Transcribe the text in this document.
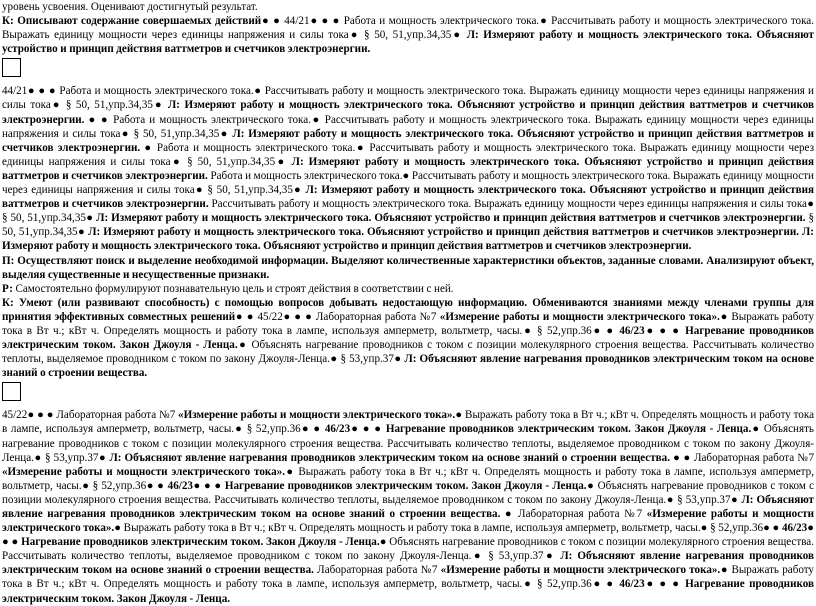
уровень усвоения. Оценивают достигнутый результат.

К: Описывают содержание совершаемых действий● ● 44/21● ● ● Работа и мощность электрического тока.● Рассчитывать работу и мощность электрического тока. Выражать единицу мощности через единицы напряжения и силы тока● § 50, 51,упр.34,35● Л: Измеряют работу и мощность электрического тока. Объясняют устройство и принцип действия ваттметров и счетчиков электроэнергии.

44/21● ● ● Работа и мощность электрического тока.● Рассчитывать работу и мощность электрического тока. Выражать единицу мощности через единицы напряжения и силы тока● § 50, 51,упр.34,35● Л: Измеряют работу и мощность электрического тока. Объясняют устройство и принцип действия ваттметров и счетчиков электроэнергии. ● ● Работа и мощность электрического тока.● Рассчитывать работу и мощность электрического тока. Выражать единицу мощности через единицы напряжения и силы тока● § 50, 51,упр.34,35● Л: Измеряют работу и мощность электрического тока. Объясняют устройство и принцип действия ваттметров и счетчиков электроэнергии. ● Работа и мощность электрического тока.● Рассчитывать работу и мощность электрического тока. Выражать единицу мощности через единицы напряжения и силы тока● § 50, 51,упр.34,35● Л: Измеряют работу и мощность электрического тока. Объясняют устройство и принцип действия ваттметров и счетчиков электроэнергии. Работа и мощность электрического тока.● Рассчитывать работу и мощность электрического тока. Выражать единицу мощности через единицы напряжения и силы тока● § 50, 51,упр.34,35● Л: Измеряют работу и мощность электрического тока. Объясняют устройство и принцип действия ваттметров и счетчиков электроэнергии. Рассчитывать работу и мощность электрического тока. Выражать единицу мощности через единицы напряжения и силы тока● § 50, 51,упр.34,35● Л: Измеряют работу и мощность электрического тока. Объясняют устройство и принцип действия ваттметров и счетчиков электроэнергии. § 50, 51,упр.34,35● Л: Измеряют работу и мощность электрического тока. Объясняют устройство и принцип действия ваттметров и счетчиков электроэнергии. Л: Измеряют работу и мощность электрического тока. Объясняют устройство и принцип действия ваттметров и счетчиков электроэнергии.

П: Осуществляют поиск и выделение необходимой информации. Выделяют количественные характеристики объектов, заданные словами. Анализируют объект, выделяя существенные и несущественные признаки.

Р: Самостоятельно формулируют познавательную цель и строят действия в соответствии с ней.

К: Умеют (или развивают способность) с помощью вопросов добывать недостающую информацию. Обмениваются знаниями между членами группы для принятия эффективных совместных решений● ● 45/22● ● ● Лабораторная работа №7 «Измерение работы и мощности электрического тока».● Выражать работу тока в Вт ч.; кВт ч. Определять мощность и работу тока в лампе, используя амперметр, вольтметр, часы.● § 52,упр.36● ● 46/23● ● ● Нагревание проводников электрическим током. Закон Джоуля - Ленца.● Объяснять нагревание проводников с током с позиции молекулярного строения вещества. Рассчитывать количество теплоты, выделяемое проводником с током по закону Джоуля-Ленца.● § 53,упр.37● Л: Объясняют явление нагревания проводников электрическим током на основе знаний о строении вещества.

45/22● ● ● Лабораторная работа №7 «Измерение работы и мощности электрического тока».● Выражать работу тока в Вт ч.; кВт ч. Определять мощность и работу тока в лампе, используя амперметр, вольтметр, часы.● § 52,упр.36● ● 46/23● ● ● Нагревание проводников электрическим током. Закон Джоуля - Ленца.● Объяснять нагревание проводников с током с позиции молекулярного строения вещества. Рассчитывать количество теплоты, выделяемое проводником с током по закону Джоуля-Ленца.● § 53,упр.37● Л: Объясняют явление нагревания проводников электрическим током на основе знаний о строении вещества. ● ● Лабораторная работа №7 «Измерение работы и мощности электрического тока».● Выражать работу тока в Вт ч.; кВт ч. Определять мощность и работу тока в лампе, используя амперметр, вольтметр, часы.● § 52,упр.36● ● 46/23● ● ● Нагревание проводников электрическим током. Закон Джоуля - Ленца.● Объяснять нагревание проводников с током с позиции молекулярного строения вещества. Рассчитывать количество теплоты, выделяемое проводником с током по закону Джоуля-Ленца.● § 53,упр.37● Л: Объясняют явление нагревания проводников электрическим током на основе знаний о строении вещества. ● Лабораторная работа №7 «Измерение работы и мощности электрического тока».● Выражать работу тока в Вт ч.; кВт ч. Определять мощность и работу тока в лампе, используя амперметр, вольтметр, часы.● § 52,упр.36● ● 46/23● ● ● Нагревание проводников электрическим током. Закон Джоуля - Ленца.● Объяснять нагревание проводников с током с позиции молекулярного строения вещества. Рассчитывать количество теплоты, выделяемое проводником с током по закону Джоуля-Ленца.● § 53,упр.37● Л: Объясняют явление нагревания проводников электрическим током на основе знаний о строении вещества. Лабораторная работа №7 «Измерение работы и мощности электрического тока».● Выражать работу тока в Вт ч.; кВт ч. Определять мощность и работу тока в лампе, используя амперметр, вольтметр, часы.● § 52,упр.36● ● 46/23● ● ● Нагревание проводников электрическим током. Закон Джоуля - Ленца.
